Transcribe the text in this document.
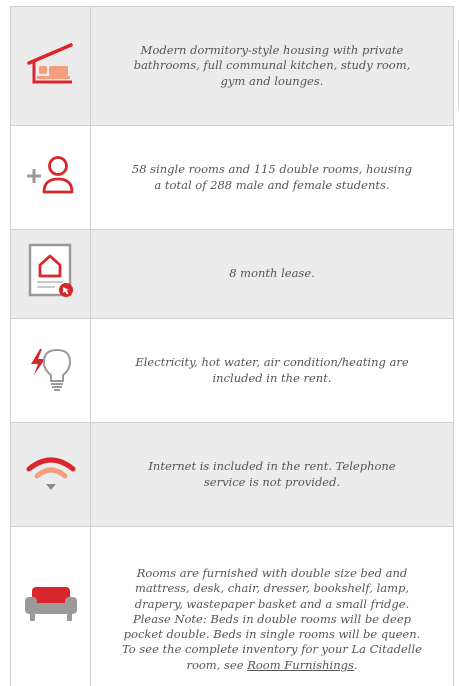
Modern dormitory-style housing with private bathrooms, full communal kitchen, study room, gym and lounges.

58 single rooms and 115 double rooms, housing a total of 288 male and female students.

8 month lease.

Electricity, hot water, air condition/heating are included in the rent.

Internet is included in the rent. Telephone service is not provided.

Rooms are furnished with double size bed and mattress, desk, chair, dresser, bookshelf, lamp, drapery, wastepaper basket and a small fridge. Please Note: Beds in double rooms will be deep pocket double. Beds in single rooms will be queen. To see the complete inventory for your La Citadelle room, see Room Furnishings.
